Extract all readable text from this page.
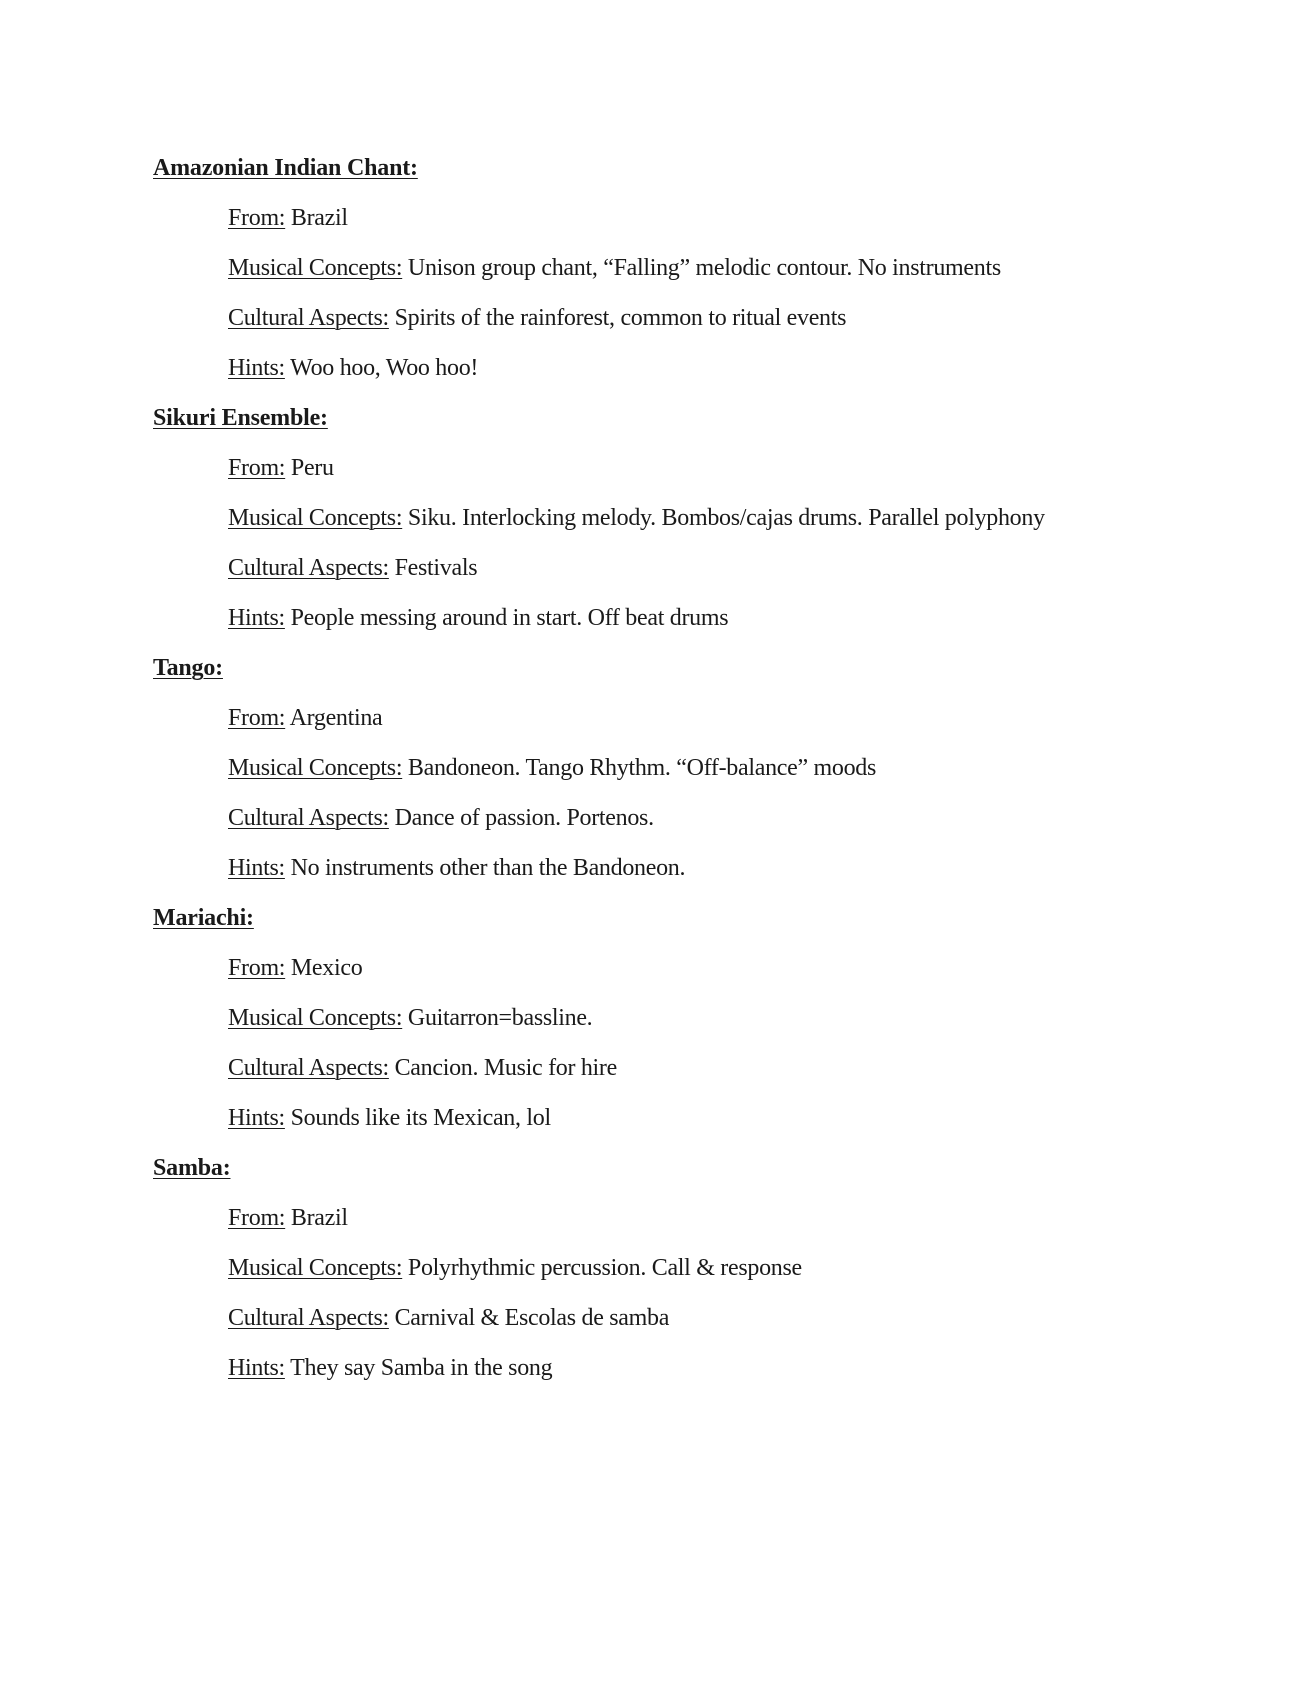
Amazonian Indian Chant:
From: Brazil
Musical Concepts: Unison group chant, “Falling” melodic contour. No instruments
Cultural Aspects: Spirits of the rainforest, common to ritual events
Hints: Woo hoo, Woo hoo!
Sikuri Ensemble:
From: Peru
Musical Concepts: Siku. Interlocking melody. Bombos/cajas drums. Parallel polyphony
Cultural Aspects: Festivals
Hints: People messing around in start. Off beat drums
Tango:
From: Argentina
Musical Concepts: Bandoneon. Tango Rhythm. “Off-balance” moods
Cultural Aspects: Dance of passion. Portenos.
Hints: No instruments other than the Bandoneon.
Mariachi:
From: Mexico
Musical Concepts: Guitarron=bassline.
Cultural Aspects: Cancion. Music for hire
Hints: Sounds like its Mexican, lol
Samba:
From: Brazil
Musical Concepts: Polyrhythmic percussion. Call & response
Cultural Aspects: Carnival & Escolas de samba
Hints: They say Samba in the song
